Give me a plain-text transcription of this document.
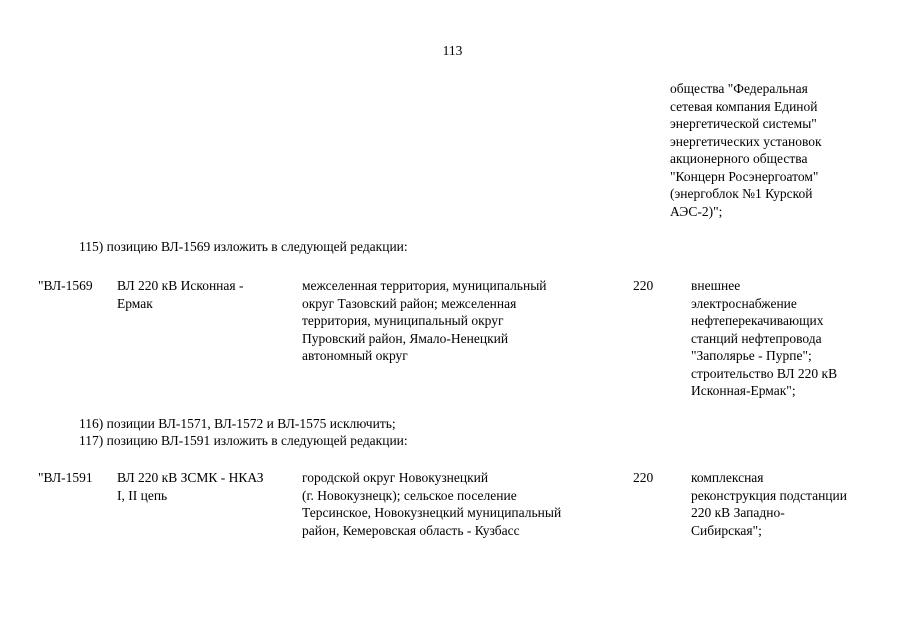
113
общества "Федеральная
сетевая компания Единой
энергетической системы"
энергетических установок
акционерного общества
"Концерн Росэнергоатом"
(энергоблок №1 Курской
АЭС-2)";
115) позицию ВЛ-1569 изложить в следующей редакции:
"ВЛ-1569 ВЛ 220 кВ Исконная -
Ермак
межселенная территория, муниципальный
округ Тазовский район; межселенная
территория, муниципальный округ
Пуровский район, Ямало-Ненецкий
автономный округ
220	внешнее
электроснабжение
нефтеперекачивающих
станций нефтепровода
"Заполярье - Пурпе";
строительство ВЛ 220 кВ
Исконная-Ермак";
116) позиции ВЛ-1571, ВЛ-1572 и ВЛ-1575 исключить;
117) позицию ВЛ-1591 изложить в следующей редакции:
"ВЛ-1591 ВЛ 220 кВ ЗСМК - НКАЗ
I, II цепь
городской округ Новокузнецкий
(г. Новокузнецк); сельское поселение
Терсинское, Новокузнецкий муниципальный
район, Кемеровская область - Кузбасс
220	комплексная
реконструкция подстанции
220 кВ Западно-
Сибирская";
